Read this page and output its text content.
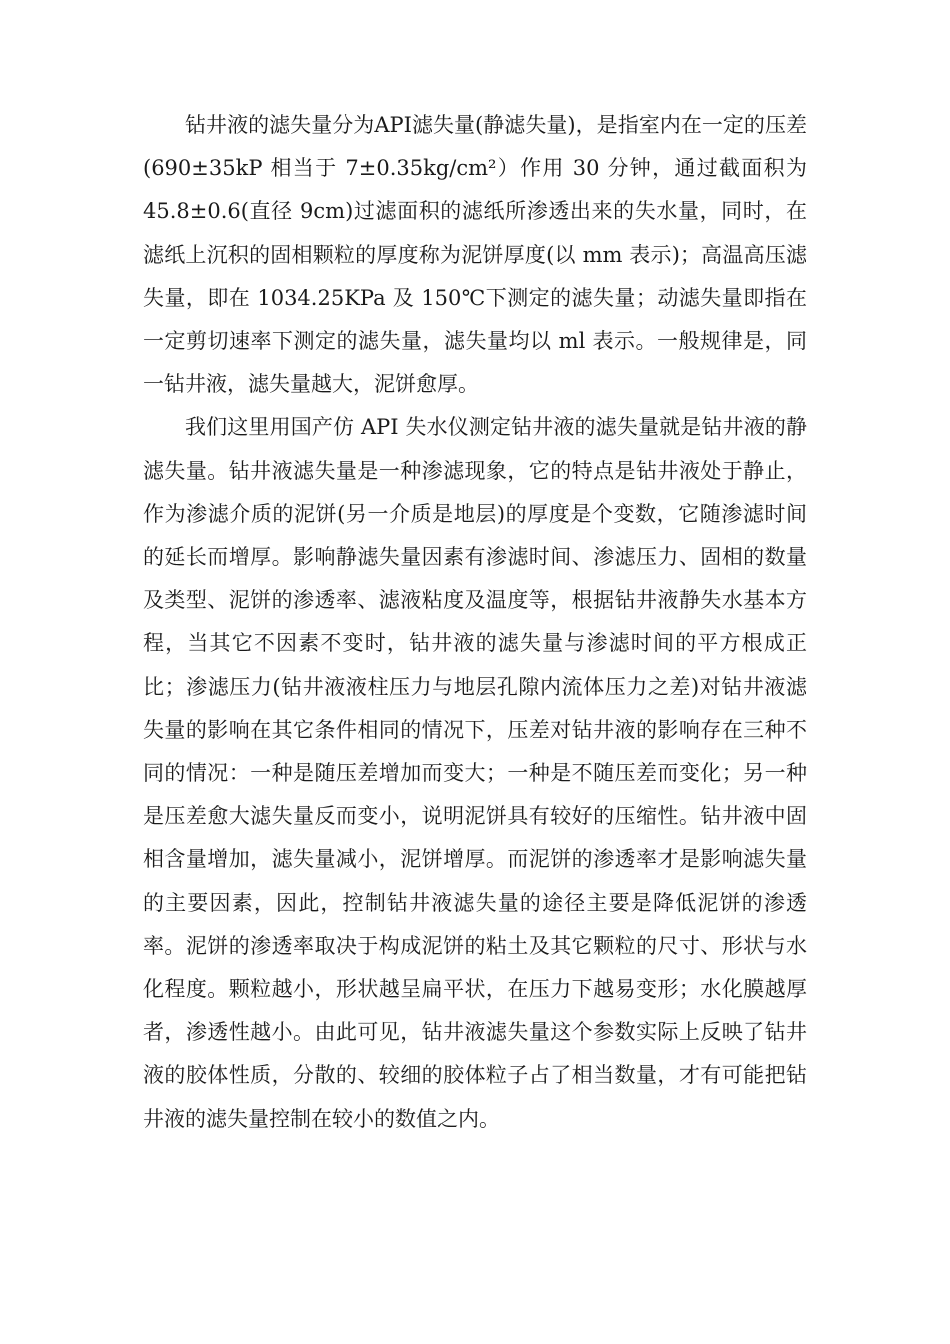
钻井液的滤失量分为API滤失量(静滤失量)，是指室内在一定的压差(690±35kP 相当于 7±0.35kg/cm²）作用 30 分钟，通过截面积为45.8±0.6(直径 9cm)过滤面积的滤纸所渗透出来的失水量，同时，在滤纸上沉积的固相颗粒的厚度称为泥饼厚度(以 mm 表示)；高温高压滤失量，即在 1034.25KPa 及 150℃下测定的滤失量；动滤失量即指在一定剪切速率下测定的滤失量，滤失量均以 ml 表示。一般规律是，同一钻井液，滤失量越大，泥饼愈厚。

我们这里用国产仿 API 失水仪测定钻井液的滤失量就是钻井液的静滤失量。钻井液滤失量是一种渗滤现象，它的特点是钻井液处于静止，作为渗滤介质的泥饼(另一介质是地层)的厚度是个变数，它随渗滤时间的延长而增厚。影响静滤失量因素有渗滤时间、渗滤压力、固相的数量及类型、泥饼的渗透率、滤液粘度及温度等，根据钻井液静失水基本方程，当其它不因素不变时，钻井液的滤失量与渗滤时间的平方根成正比；渗滤压力(钻井液液柱压力与地层孔隙内流体压力之差)对钻井液滤失量的影响在其它条件相同的情况下，压差对钻井液的影响存在三种不同的情况：一种是随压差增加而变大；一种是不随压差而变化；另一种是压差愈大滤失量反而变小，说明泥饼具有较好的压缩性。钻井液中固相含量增加，滤失量减小，泥饼增厚。而泥饼的渗透率才是影响滤失量的主要因素，因此，控制钻井液滤失量的途径主要是降低泥饼的渗透率。泥饼的渗透率取决于构成泥饼的粘土及其它颗粒的尺寸、形状与水化程度。颗粒越小，形状越呈扁平状，在压力下越易变形；水化膜越厚者，渗透性越小。由此可见，钻井液滤失量这个参数实际上反映了钻井液的胶体性质，分散的、较细的胶体粒子占了相当数量，才有可能把钻井液的滤失量控制在较小的数值之内。
